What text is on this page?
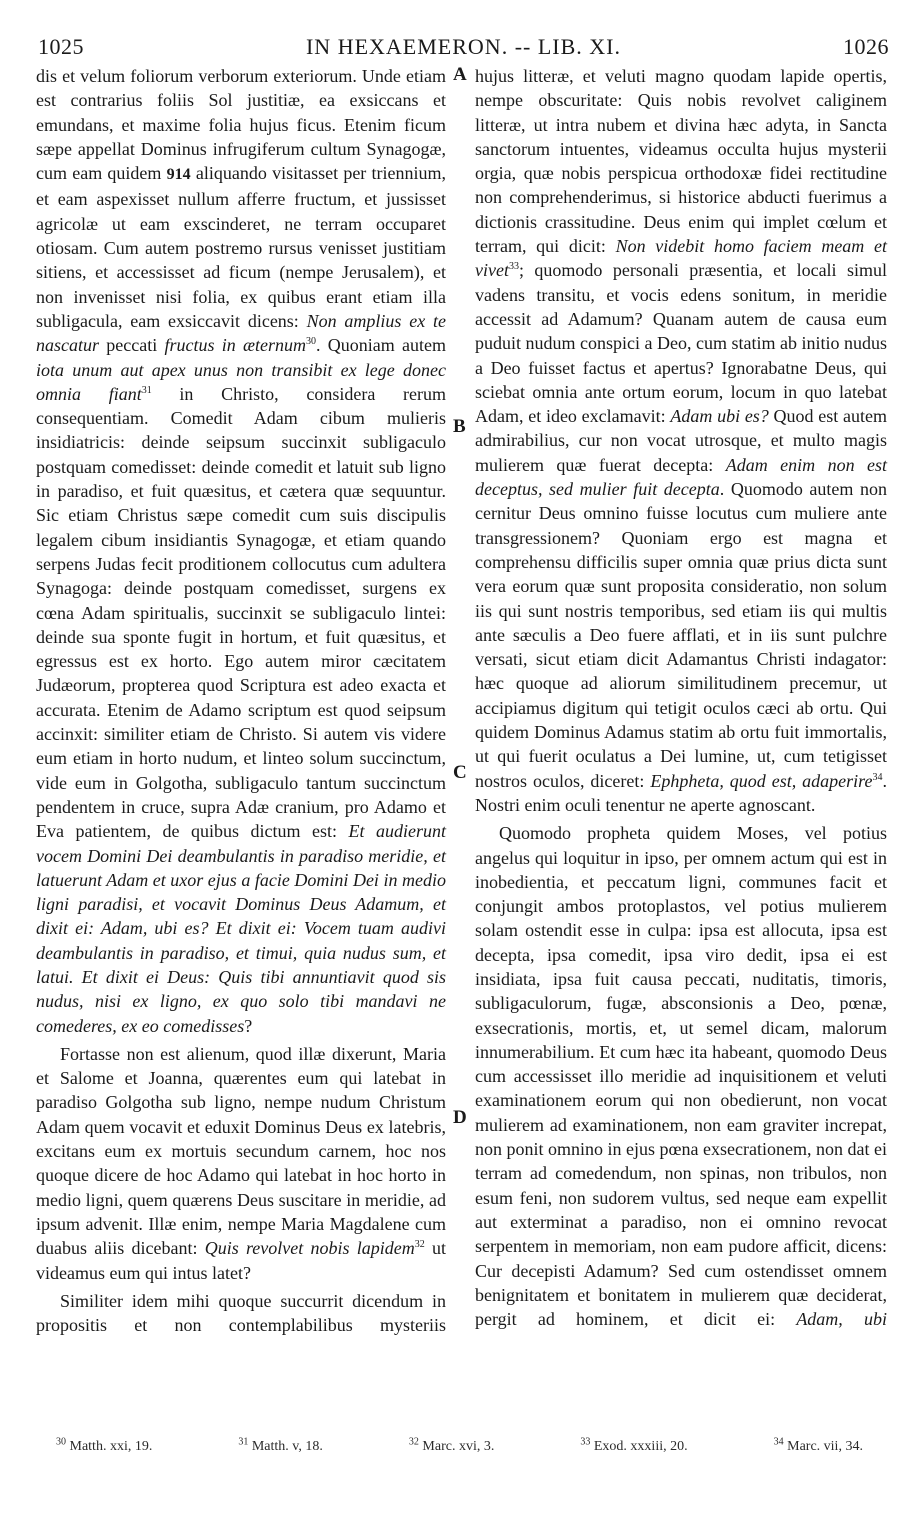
1025	IN HEXAEMERON. -- LIB. XI.	1026
A
B
C
D

dis et velum foliorum verborum exteriorum. Unde etiam est contrarius foliis Sol justitiæ, ea exsiccans et emundans, et maxime folia hujus ficus. Etenim ficum sæpe appellat Dominus infrugiferum cultum Synagogæ, cum eam quidem 914 aliquando visitasset per triennium, et eam aspexisset nullum afferre fructum, et jussisset agricolæ ut eam exscinderet, ne terram occuparet otiosam. Cum autem postremo rursus venisset justitiam sitiens, et accessisset ad ficum (nempe Jerusalem), et non invenisset nisi folia, ex quibus erant etiam illa subligacula, eam exsiccavit dicens: Non amplius ex te nascatur peccati fructus in æternum$^{30}$. Quoniam autem iota unum aut apex unus non transibit ex lege donec omnia fiant$^{31}$ in Christo, considera rerum consequentiam. Comedit Adam cibum mulieris insidiatricis: deinde seipsum succinxit subligaculo postquam comedisset: deinde comedit et latuit sub ligno in paradiso, et fuit quæsitus, et cætera quæ sequuntur. Sic etiam Christus sæpe comedit cum suis discipulis legalem cibum insidiantis Synagogæ, et etiam quando serpens Judas fecit proditionem collocutus cum adultera Synagoga: deinde postquam comedisset, surgens ex cœna Adam spiritualis, succinxit se subligaculo lintei: deinde sua sponte fugit in hortum, et fuit quæsitus, et egressus est ex horto. Ego autem miror cæcitatem Judæorum, propterea quod Scriptura est adeo exacta et accurata. Etenim de Adamo scriptum est quod seipsum accinxit: similiter etiam de Christo. Si autem vis videre eum etiam in horto nudum, et linteo solum succinctum, vide eum in Golgotha, subligaculo tantum succinctum pendentem in cruce, supra Adæ cranium, pro Adamo et Eva patientem, de quibus dictum est: Et audierunt vocem Domini Dei deambulantis in paradiso meridie, et latuerunt Adam et uxor ejus a facie Domini Dei in medio ligni paradisi, et vocavit Dominus Deus Adamum, et dixit ei: Adam, ubi es? Et dixit ei: Vocem tuam audivi deambulantis in paradiso, et timui, quia nudus sum, et latui. Et dixit ei Deus: Quis tibi annuntiavit quod sis nudus, nisi ex ligno, ex quo solo tibi mandavi ne comederes, ex eo comedisses?

Fortasse non est alienum, quod illæ dixerunt, Maria et Salome et Joanna, quærentes eum qui latebat in paradiso Golgotha sub ligno, nempe nudum Christum Adam quem vocavit et eduxit Dominus Deus ex latebris, excitans eum ex mortuis secundum carnem, hoc nos quoque dicere de hoc Adamo qui latebat in hoc horto in medio ligni, quem quærens Deus suscitare in meridie, ad ipsum advenit. Illæ enim, nempe Maria Magdalene cum duabus aliis dicebant: Quis revolvet nobis lapidem$^{32}$ ut videamus eum qui intus latet?

Similiter idem mihi quoque succurrit dicendum in propositis et non contemplabilibus mysteriis

hujus litteræ, et veluti magno quodam lapide opertis, nempe obscuritate: Quis nobis revolvet caliginem litteræ, ut intra nubem et divina hæc adyta, in Sancta sanctorum intuentes, videamus occulta hujus mysterii orgia, quæ nobis perspicua orthodoxæ fidei rectitudine non comprehenderimus, si historice abducti fuerimus a dictionis crassitudine. Deus enim qui implet cœlum et terram, qui dicit: Non videbit homo faciem meam et vivet$^{33}$; quomodo personali præsentia, et locali simul vadens transitu, et vocis edens sonitum, in meridie accessit ad Adamum? Quanam autem de causa eum puduit nudum conspici a Deo, cum statim ab initio nudus a Deo fuisset factus et apertus? Ignorabatne Deus, qui sciebat omnia ante ortum eorum, locum in quo latebat Adam, et ideo exclamavit: Adam ubi es? Quod est autem admirabilius, cur non vocat utrosque, et multo magis mulierem quæ fuerat decepta: Adam enim non est deceptus, sed mulier fuit decepta. Quomodo autem non cernitur Deus omnino fuisse locutus cum muliere ante transgressionem? Quoniam ergo est magna et comprehensu difficilis super omnia quæ prius dicta sunt vera eorum quæ sunt proposita consideratio, non solum iis qui sunt nostris temporibus, sed etiam iis qui multis ante sæculis a Deo fuere afflati, et in iis sunt pulchre versati, sicut etiam dicit Adamantus Christi indagator: hæc quoque ad aliorum similitudinem precemur, ut accipiamus digitum qui tetigit oculos cæci ab ortu. Qui quidem Dominus Adamus statim ab ortu fuit immortalis, ut qui fuerit oculatus a Dei lumine, ut, cum tetigisset nostros oculos, diceret: Ephpheta, quod est, adaperire$^{34}$. Nostri enim oculi tenentur ne aperte agnoscant.

Quomodo propheta quidem Moses, vel potius angelus qui loquitur in ipso, per omnem actum qui est in inobedientia, et peccatum ligni, communes facit et conjungit ambos protoplastos, vel potius mulierem solam ostendit esse in culpa: ipsa est allocuta, ipsa est decepta, ipsa comedit, ipsa viro dedit, ipsa ei est insidiata, ipsa fuit causa peccati, nuditatis, timoris, subligaculorum, fugæ, absconsionis a Deo, pœnæ, exsecrationis, mortis, et, ut semel dicam, malorum innumerabilium. Et cum hæc ita habeant, quomodo Deus cum accessisset illo meridie ad inquisitionem et veluti examinationem eorum qui non obedierunt, non vocat mulierem ad examinationem, non eam graviter increpat, non ponit omnino in ejus pœna exsecrationem, non dat ei terram ad comedendum, non spinas, non tribulos, non esum feni, non sudorem vultus, sed neque eam expellit aut exterminat a paradiso, non ei omnino revocat serpentem in memoriam, non eam pudore afficit, dicens: Cur decepisti Adamum? Sed cum ostendisset omnem benignitatem et bonitatem in mulierem quæ deciderat, pergit ad hominem, et dicit ei: Adam, ubi

$^{30}$ Matth. xxi, 19.	$^{31}$ Matth. v, 18.	$^{32}$ Marc. xvi, 3.	$^{33}$ Exod. xxxiii, 20.	$^{34}$ Marc. vii, 34.
